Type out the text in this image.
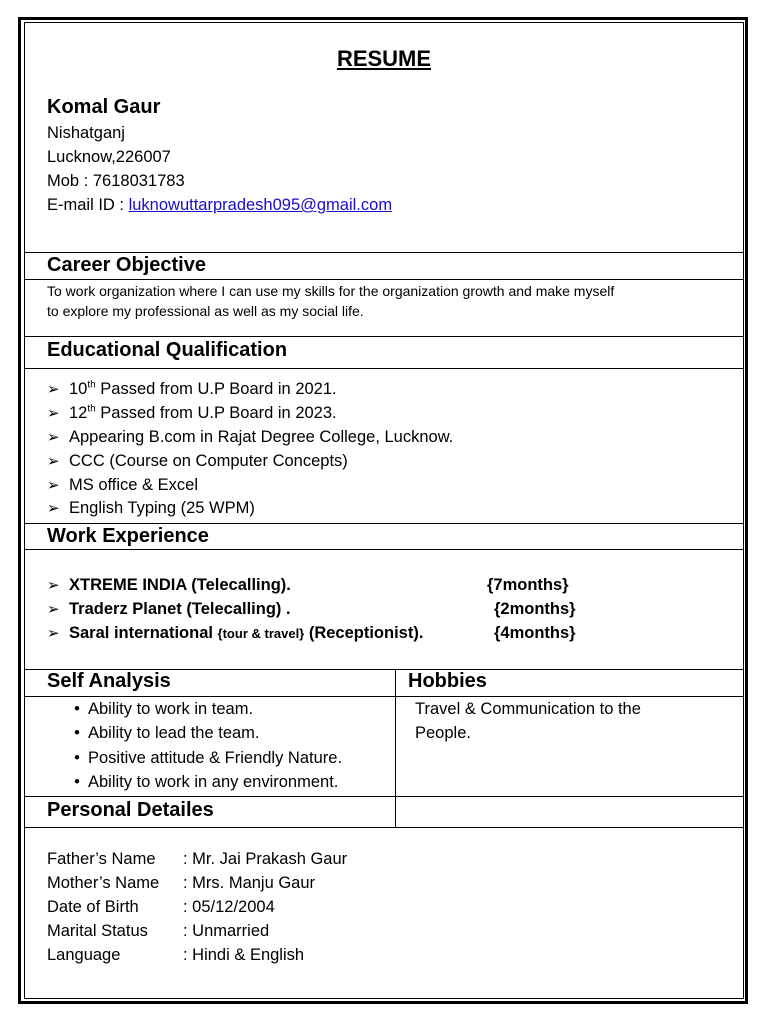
RESUME
Komal Gaur
Nishatganj
Lucknow,226007
Mob : 7618031783
E-mail ID : luknowuttarpradesh095@gmail.com
Career Objective
To work organization where I can use my skills for the organization growth and make myself
to explore my professional as well as my social life.
Educational Qualification
➢ 10th Passed from U.P Board in 2021.
➢ 12th Passed from U.P Board in 2023.
➢ Appearing B.com in Rajat Degree College, Lucknow.
➢ CCC (Course on Computer Concepts)
➢ MS office & Excel
➢ English Typing (25 WPM)
Work Experience
➢ XTREME INDIA (Telecalling).	{7months}
➢ Traderz Planet (Telecalling) .	{2months}
➢ Saral international {tour & travel} (Receptionist).	{4months}
Self Analysis	Hobbies
• Ability to work in team.
• Ability to lead the team.
• Positive attitude & Friendly Nature.
• Ability to work in any environment.
Travel & Communication to the
People.
Personal Detailes
Father’s Name : Mr. Jai Prakash Gaur
Mother’s Name : Mrs. Manju Gaur
Date of Birth	: 05/12/2004
Marital Status : Unmarried
Language	: Hindi & English
